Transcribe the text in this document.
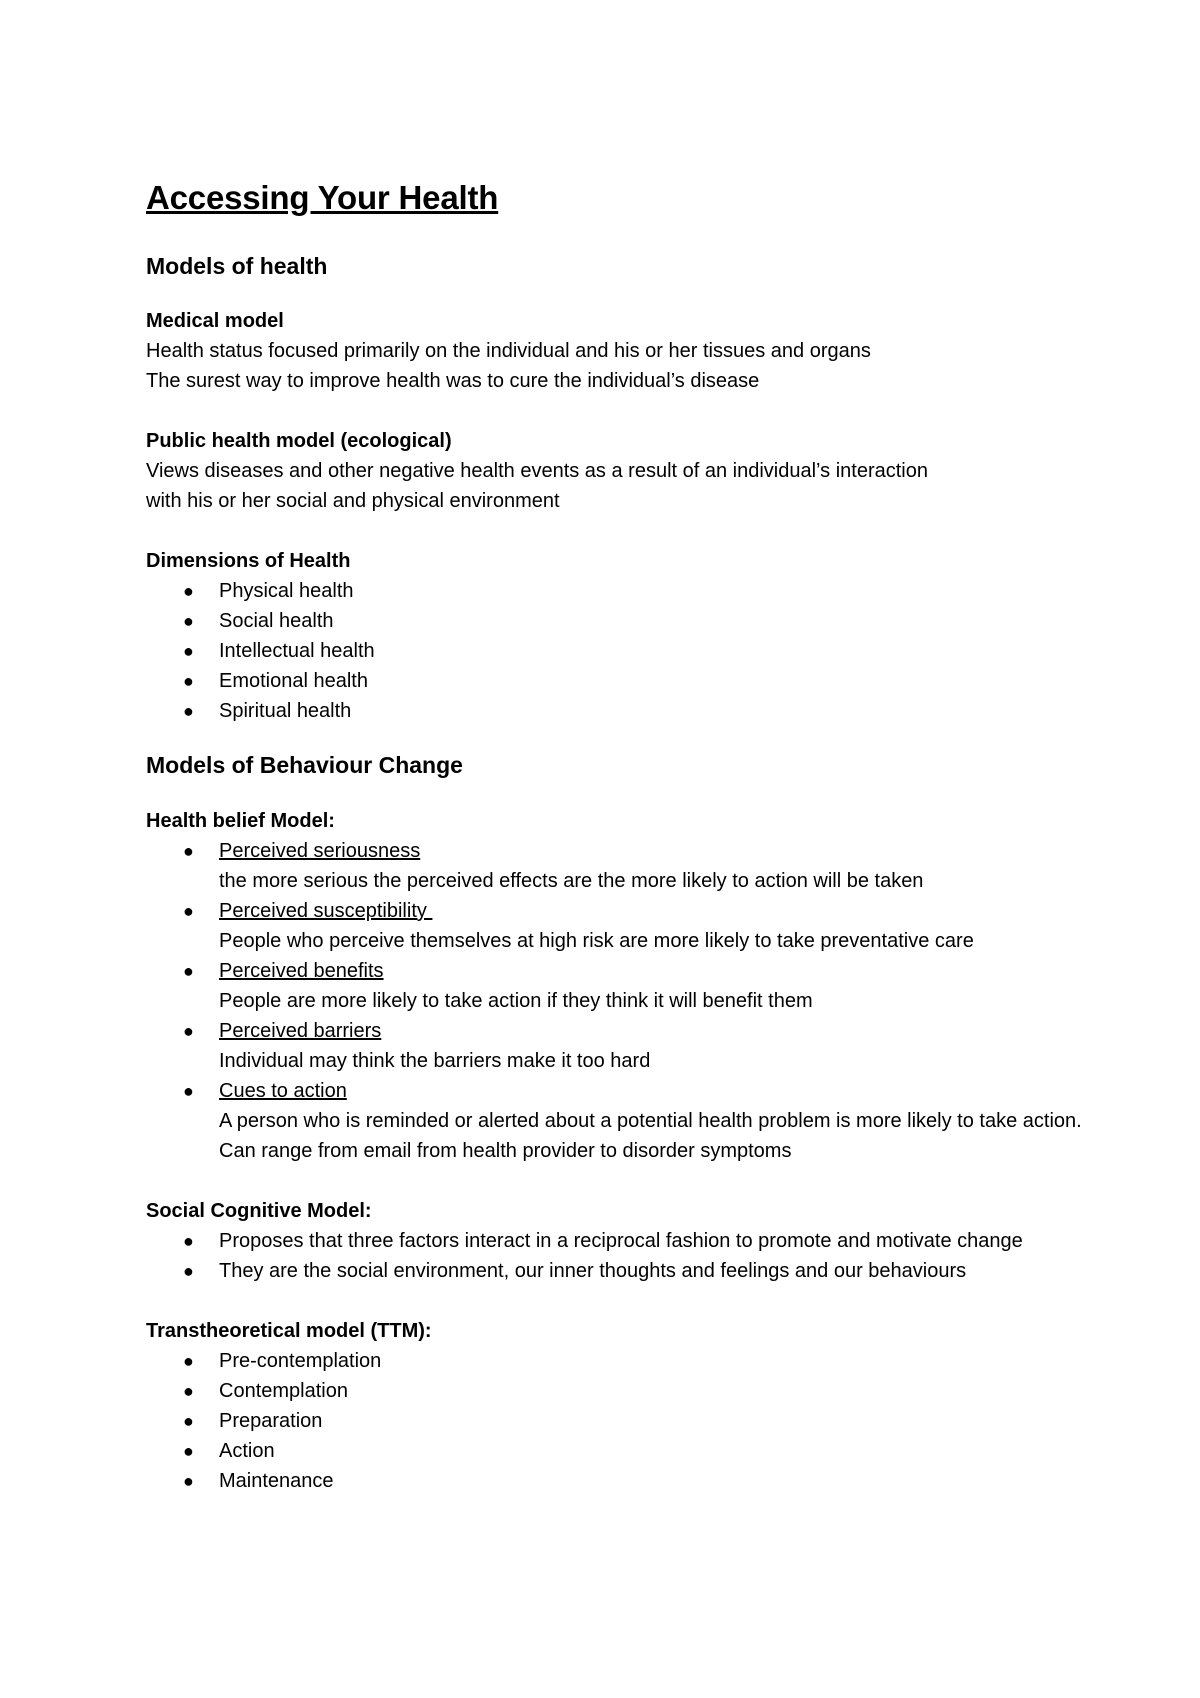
Accessing Your Health
Models of health
Medical model

Health status focused primarily on the individual and his or her tissues and organs

The surest way to improve health was to cure the individual’s disease

Public health model (ecological)

Views diseases and other negative health events as a result of an individual’s interaction

with his or her social and physical environment

Dimensions of Health
● Physical health
● Social health
● Intellectual health
● Emotional health
● Spiritual health
Models of Behaviour Change
Health belief Model:
● Perceived seriousness
the more serious the perceived effects are the more likely to action will be taken
● Perceived susceptibility
People who perceive themselves at high risk are more likely to take preventative care
● Perceived benefits
People are more likely to take action if they think it will benefit them
● Perceived barriers
Individual may think the barriers make it too hard
● Cues to action
A person who is reminded or alerted about a potential health problem is more likely to take action. Can range from email from health provider to disorder symptoms
Social Cognitive Model:
● Proposes that three factors interact in a reciprocal fashion to promote and motivate change
● They are the social environment, our inner thoughts and feelings and our behaviours
Transtheoretical model (TTM):
● Pre-contemplation
● Contemplation
● Preparation
● Action
● Maintenance
